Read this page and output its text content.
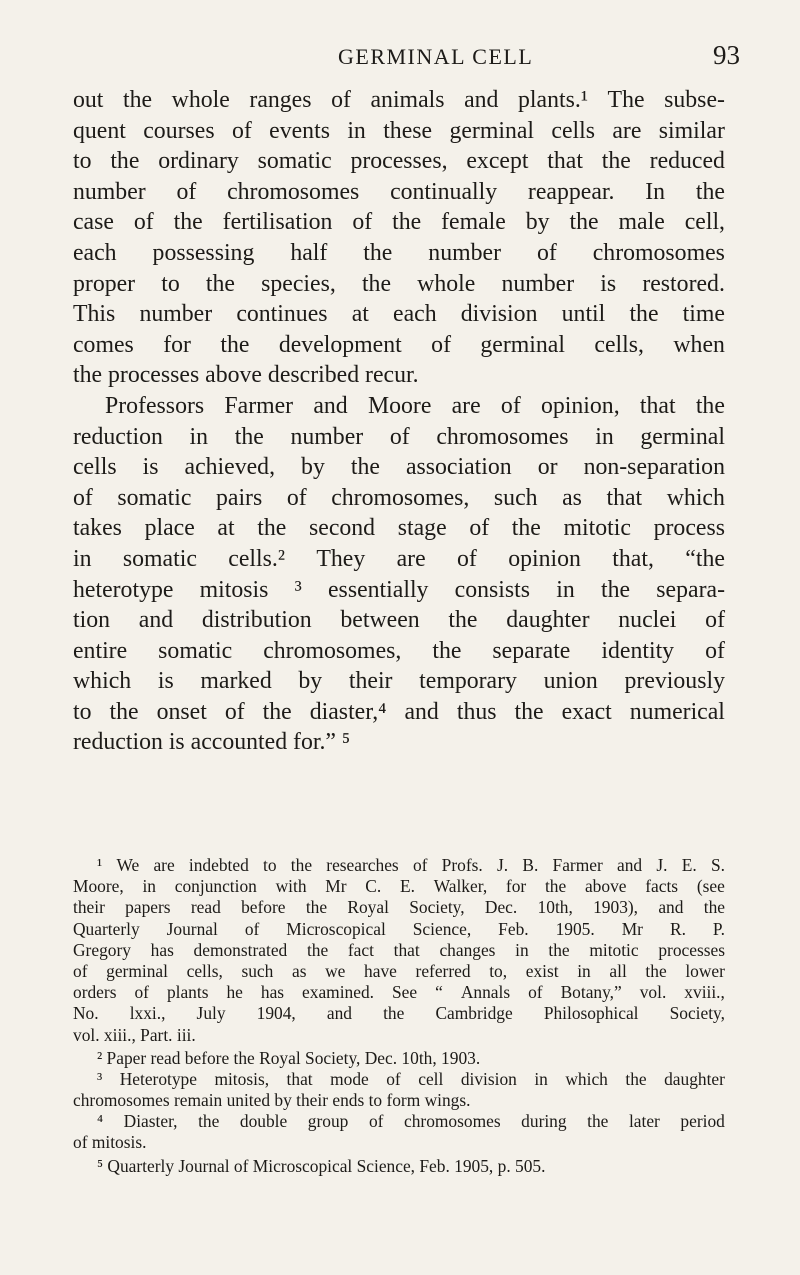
GERMINAL CELL	93
out the whole ranges of animals and plants.¹ The subse-
quent courses of events in these germinal cells are similar
to the ordinary somatic processes, except that the reduced
number of chromosomes continually reappear. In the
case of the fertilisation of the female by the male cell,
each possessing half the number of chromosomes
proper to the species, the whole number is restored.
This number continues at each division until the time
comes for the development of germinal cells, when
the processes above described recur.
Professors Farmer and Moore are of opinion, that the
reduction in the number of chromosomes in germinal
cells is achieved, by the association or non-separation
of somatic pairs of chromosomes, such as that which
takes place at the second stage of the mitotic process
in somatic cells.² They are of opinion that, “the
heterotype mitosis ³ essentially consists in the separa-
tion and distribution between the daughter nuclei of
entire somatic chromosomes, the separate identity of
which is marked by their temporary union previously
to the onset of the diaster,⁴ and thus the exact numerical
reduction is accounted for.” ⁵
¹ We are indebted to the researches of Profs. J. B. Farmer and J. E. S.
Moore, in conjunction with Mr C. E. Walker, for the above facts (see
their papers read before the Royal Society, Dec. 10th, 1903), and the
Quarterly Journal of Microscopical Science, Feb. 1905. Mr R. P.
Gregory has demonstrated the fact that changes in the mitotic processes
of germinal cells, such as we have referred to, exist in all the lower
orders of plants he has examined. See “ Annals of Botany,” vol. xviii.,
No. lxxi., July 1904, and the Cambridge Philosophical Society,
vol. xiii., Part. iii.
² Paper read before the Royal Society, Dec. 10th, 1903.
³ Heterotype mitosis, that mode of cell division in which the daughter
chromosomes remain united by their ends to form wings.
⁴ Diaster, the double group of chromosomes during the later period
of mitosis.
⁵ Quarterly Journal of Microscopical Science, Feb. 1905, p. 505.
